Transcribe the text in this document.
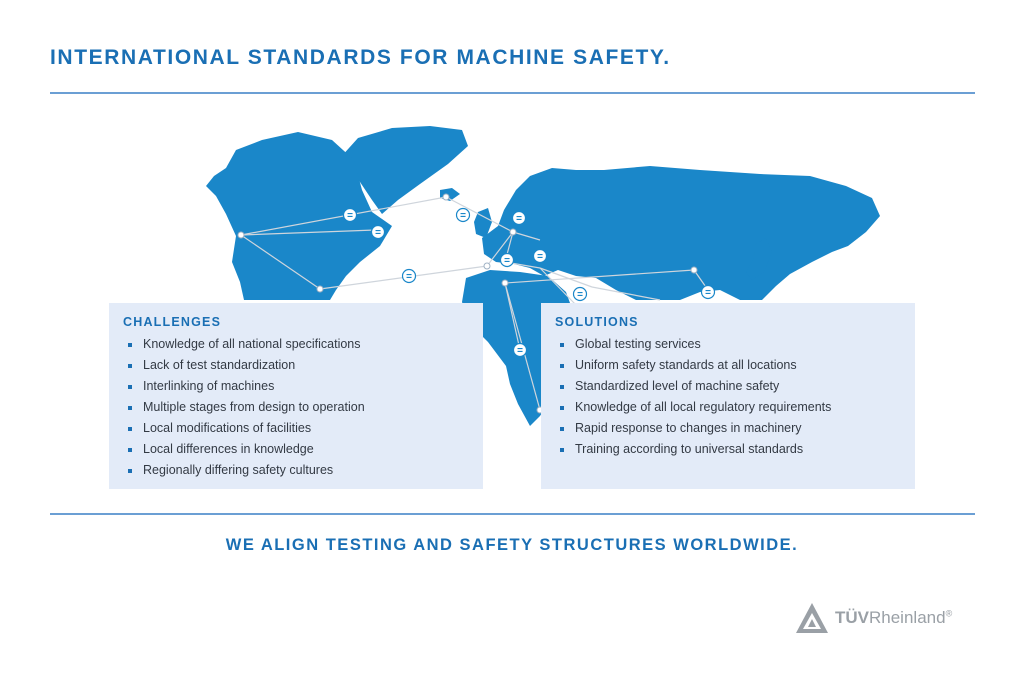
INTERNATIONAL STANDARDS FOR MACHINE SAFETY.
=
=
=
=
=
=	=
=	=
=
CHALLENGES
Knowledge of all national specifications
Lack of test standardization
Interlinking of machines
Multiple stages from design to operation
Local modifications of facilities
Local differences in knowledge
Regionally differing safety cultures
SOLUTIONS
Global testing services
Uniform safety standards at all locations
Standardized level of machine safety
Knowledge of all local regulatory requirements
Rapid response to changes in machinery
Training according to universal standards

WE ALIGN TESTING AND SAFETY STRUCTURES WORLDWIDE.

TÜVRheinland®
